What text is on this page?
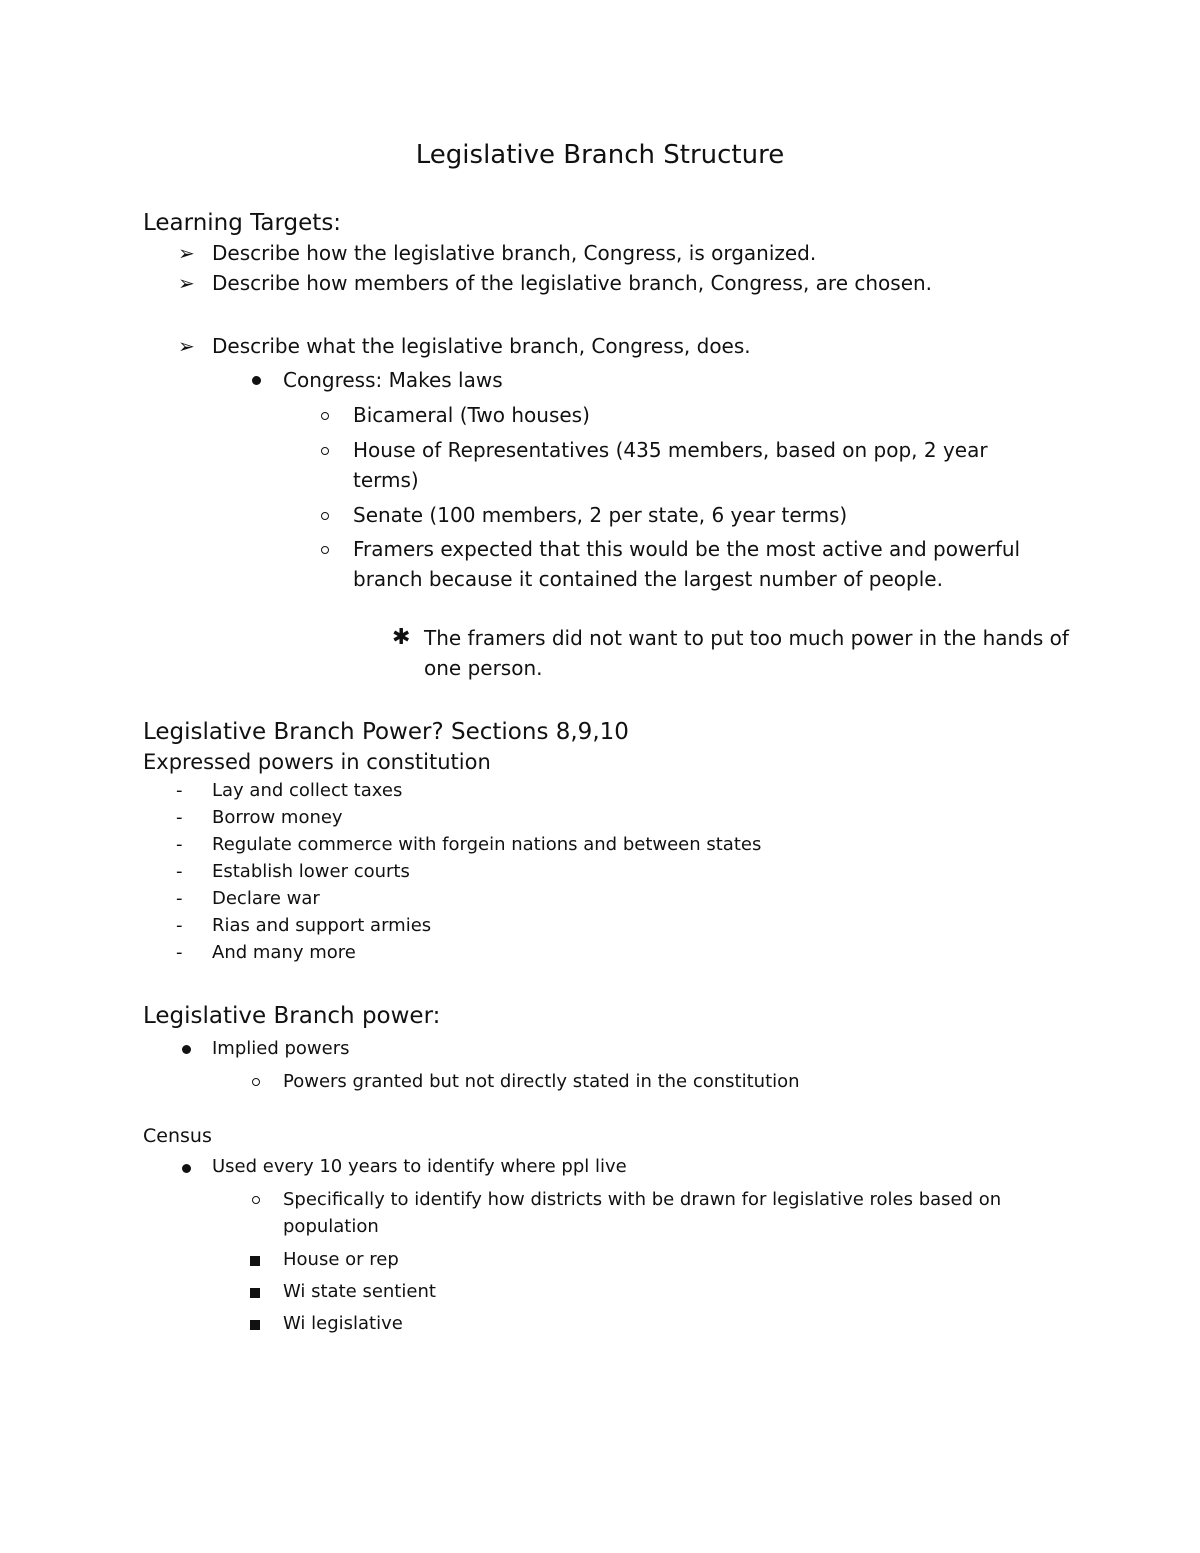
Legislative Branch Structure
Learning Targets:
➢ Describe how the legislative branch, Congress, is organized.
➢ Describe how members of the legislative branch, Congress, are chosen.
➢ Describe what the legislative branch, Congress, does.
Congress: Makes laws
Bicameral (Two houses)
House of Representatives (435 members, based on pop, 2 year terms)
Senate (100 members, 2 per state, 6 year terms)
Framers expected that this would be the most active and powerful branch because it contained the largest number of people.
✱ The framers did not want to put too much power in the hands of one person.
Legislative Branch Power? Sections 8,9,10
Expressed powers in constitution
- Lay and collect taxes
- Borrow money
- Regulate commerce with forgein nations and between states
- Establish lower courts
- Declare war
- Rias and support armies
- And many more
Legislative Branch power:
Implied powers
Powers granted but not directly stated in the constitution
Census
Used every 10 years to identify where ppl live
Specifically to identify how districts with be drawn for legislative roles based on population
House or rep
Wi state sentient
Wi legislative
